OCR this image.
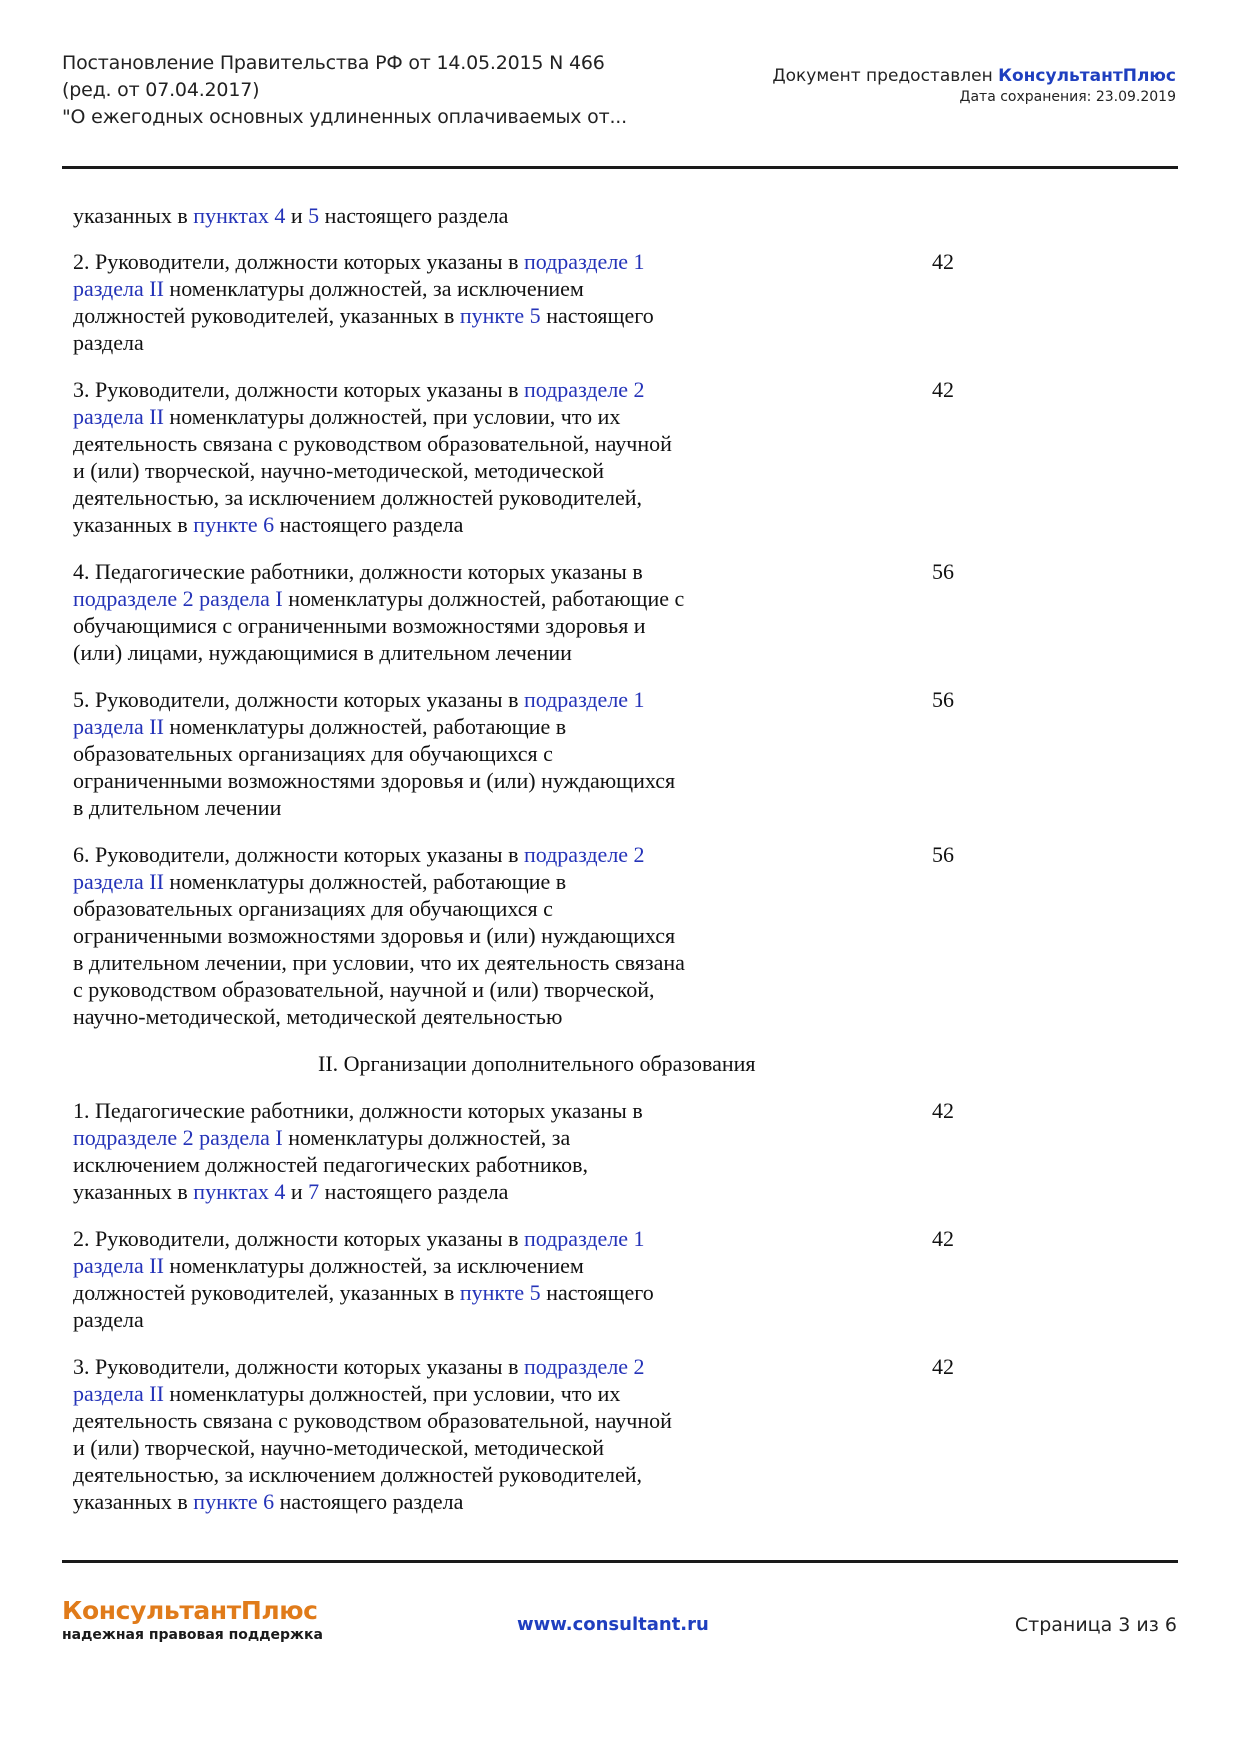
Постановление Правительства РФ от 14.05.2015 N 466
(ред. от 07.04.2017)
"О ежегодных основных удлиненных оплачиваемых от...
Документ предоставлен КонсультантПлюс
Дата сохранения: 23.09.2019
указанных в пунктах 4 и 5 настоящего раздела
2. Руководители, должности которых указаны в подразделе 1
раздела II номенклатуры должностей, за исключением
должностей руководителей, указанных в пункте 5 настоящего
раздела
42
3. Руководители, должности которых указаны в подразделе 2
раздела II номенклатуры должностей, при условии, что их
деятельность связана с руководством образовательной, научной
и (или) творческой, научно-методической, методической
деятельностью, за исключением должностей руководителей,
указанных в пункте 6 настоящего раздела
42
4. Педагогические работники, должности которых указаны в
подразделе 2 раздела I номенклатуры должностей, работающие с
обучающимися с ограниченными возможностями здоровья и
(или) лицами, нуждающимися в длительном лечении
56
5. Руководители, должности которых указаны в подразделе 1
раздела II номенклатуры должностей, работающие в
образовательных организациях для обучающихся с
ограниченными возможностями здоровья и (или) нуждающихся
в длительном лечении
56
6. Руководители, должности которых указаны в подразделе 2
раздела II номенклатуры должностей, работающие в
образовательных организациях для обучающихся с
ограниченными возможностями здоровья и (или) нуждающихся
в длительном лечении, при условии, что их деятельность связана
с руководством образовательной, научной и (или) творческой,
научно-методической, методической деятельностью
56
II. Организации дополнительного образования
1. Педагогические работники, должности которых указаны в
подразделе 2 раздела I номенклатуры должностей, за
исключением должностей педагогических работников,
указанных в пунктах 4 и 7 настоящего раздела
42
2. Руководители, должности которых указаны в подразделе 1
раздела II номенклатуры должностей, за исключением
должностей руководителей, указанных в пункте 5 настоящего
раздела
42
3. Руководители, должности которых указаны в подразделе 2
раздела II номенклатуры должностей, при условии, что их
деятельность связана с руководством образовательной, научной
и (или) творческой, научно-методической, методической
деятельностью, за исключением должностей руководителей,
указанных в пункте 6 настоящего раздела
42
КонсультантПлюс
надежная правовая поддержка	www.consultant.ru	Страница 3 из 6
